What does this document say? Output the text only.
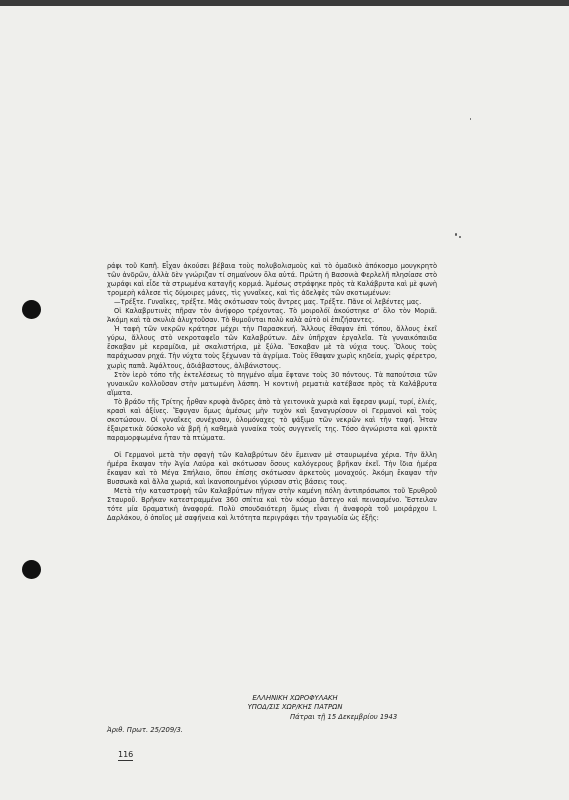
ράφι τοῦ Καπῆ. Εἶχαν ἀκούσει βέβαια τοὺς πολυβολισμοὺς καὶ τὸ ὁμαδικὸ ἀπόκοσμο μουγκρητὸ τῶν ἀνδρῶν, ἀλλὰ δὲν γνώριζαν τί σημαίνουν ὅλα αὐτά. Πρώτη ἡ Βασονιὰ Φερλελῆ πλησίασε στὸ χωράφι καὶ εἶδε τὰ στρωμένα καταγῆς κορμιά. Ἀμέσως στράφηκε πρὸς τὰ Καλάβρυτα καὶ μὲ φωνὴ τρομερὴ κάλεσε τὶς δύμοιρες μάνες, τὶς γυναῖκες, καὶ τὶς ἀδελφὲς τῶν σκοτωμένων:

—Τρέξτε. Γυναῖκες, τρέξτε. Μᾶς σκότωσαν τοὺς ἄντρες μας. Τρέξτε. Πᾶνε οἱ λεβέντες μας.

Οἱ Καλαβρυτινὲς πῆραν τὸν ἀνήφορο τρέχοντας. Τὸ μοιρολόϊ ἀκούστηκε σ' ὅλο τὸν Μοριᾶ. Ἀκόμη καὶ τὰ σκυλιὰ ἀλυχτοῦσαν. Τὸ θυμοῦνται πολὺ καλὰ αὐτὸ οἱ ἐπιζήσαντες.

Ἡ ταφὴ τῶν νεκρῶν κράτησε μέχρι τὴν Παρασκευή. Ἄλλους ἔθαψαν ἐπὶ τόπου, ἄλλους ἐκεῖ γύρω, ἄλλους στὸ νεκροταφεῖο τῶν Καλαβρύτων. Δὲν ὑπῆρχαν ἐργαλεῖα. Τὰ γυναικόπαιδα ἔσκαβαν μὲ κεραμίδια, μὲ σκαλιστήρια, μὲ ξύλα. Ἔσκαβαν μὲ τὰ νύχια τους. Ὅλους τοὺς παράχωσαν ρηχά. Τὴν νύχτα τοὺς ξέχωναν τὰ ἀγρίμια. Τοὺς ἔθαψαν χωρὶς κηδεία, χωρὶς φέρετρο, χωρὶς παπᾶ. Ἀψάλτους, ἀδιάβαστους, ἀλιβάνιστους.

Στὸν ἱερὸ τόπο τῆς ἐκτελέσεως τὸ πηγμένο αἷμα ἔφτανε τοὺς 30 πόντους. Τὰ παπούτσια τῶν γυναικῶν κολλοῦσαν στὴν ματωμένη λάσπη. Ἡ κοντινὴ ρεματιὰ κατέβασε πρὸς τὰ Καλάβρυτα αἵματα.

Τὸ βράδυ τῆς Τρίτης ἦρθαν κρυφὰ ἄνδρες ἀπὸ τὰ γειτονικὰ χωριὰ καὶ ἔφεραν ψωμί, τυρί, ἐλιές, κρασὶ καὶ ἀξίνες. Ἔφυγαν ὅμως ἀμέσως μὴν τυχὸν καὶ ξαναγυρίσουν οἱ Γερμανοὶ καὶ τοὺς σκοτώσουν. Οἱ γυναῖκες συνέχισαν, ὁλομόναχες τὸ ψάξιμο τῶν νεκρῶν καὶ τὴν ταφή. Ἦταν ἐξαιρετικὰ δύσκολο νὰ βρῆ ἡ καθεμιὰ γυναίκα τοὺς συγγενεῖς της. Τόσο ἀγνώριστα καὶ φρικτὰ παραμορφωμένα ἦταν τὰ πτώματα.

Οἱ Γερμανοὶ μετὰ τὴν σφαγὴ τῶν Καλαβρύτων δὲν ἔμειναν μὲ σταυρωμένα χέρια. Τὴν ἄλλη ἡμέρα ἔκαψαν τὴν Ἁγία Λαύρα καὶ σκότωσαν ὅσους καλόγερους βρῆκαν ἐκεῖ. Τὴν ἴδια ἡμέρα ἔκαψαν καὶ τὸ Μέγα Σπήλαιο, ὅπου ἐπίσης σκότωσαν ἀρκετοὺς μοναχούς. Ἀκόμη ἔκαψαν τὴν Βυσσωκὰ καὶ ἄλλα χωριά, καὶ ἰκανοποιημένοι γύρισαν στὶς βάσεις τους.

Μετὰ τὴν καταστροφὴ τῶν Καλαβρύτων πῆγαν στὴν καμένη πόλη ἀντιπρόσωποι τοῦ Ἐρυθροῦ Σταυροῦ. Βρῆκαν κατεστραμμένα 360 σπίτια καὶ τὸν κόσμο ἄστεγο καὶ πεινασμένο. Ἔστειλαν τότε μία δραματικὴ ἀναφορά. Πολὺ σπουδαιότερη ὅμως εἶναι ἡ ἀναφορὰ τοῦ μοιράρχου Ι. Δαρλάκου, ὁ ὁποῖος μὲ σαφήνεια καὶ λιτότητα περιγράφει τὴν τραγωδία ὡς ἑξῆς:

ΕΛΛΗΝΙΚΗ ΧΩΡΟΦΥΛΑΚΗ
ΥΠΟΔ/ΣΙΣ ΧΩΡ/ΚΗΣ ΠΑΤΡΩΝ
Πάτραι τῇ 15 Δεκεμβρίου 1943
Ἀριθ. Πρωτ. 25/209/3.
116
